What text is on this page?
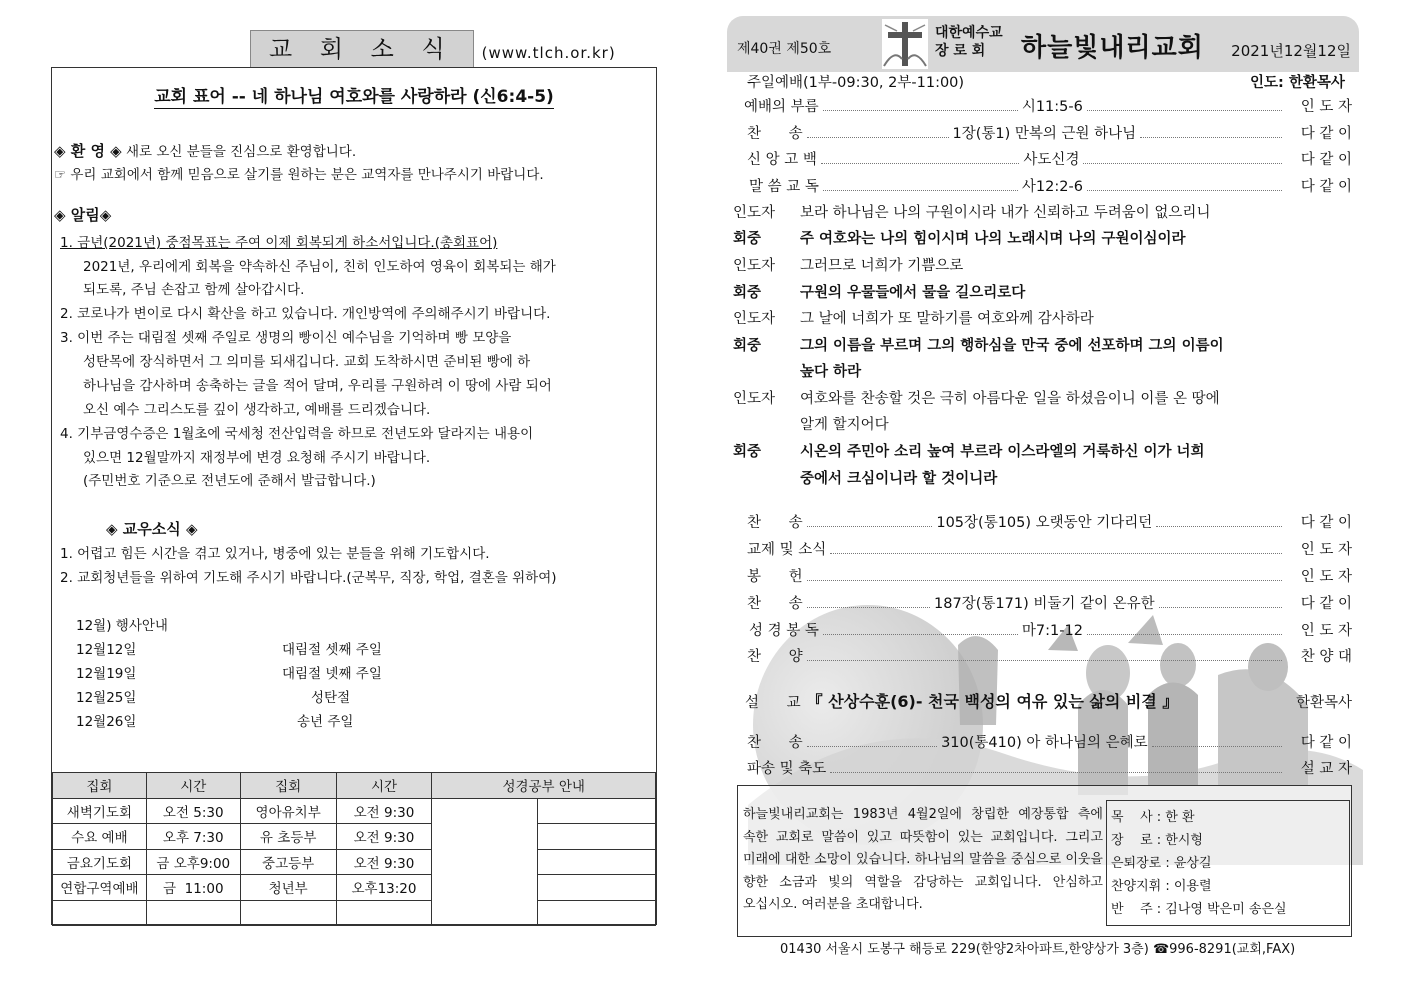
교 회 소 식	(www.tlch.or.kr)
교회 표어 -- 네 하나님 여호와를 사랑하라 (신6:4-5)
◈ 환 영 ◈ 새로 오신 분들을 진심으로 환영합니다.
☞ 우리 교회에서 함께 믿음으로 살기를 원하는 분은 교역자를 만나주시기 바랍니다.
◈ 알림◈
1. 금년(2021년) 중점목표는 주여 이제 회복되게 하소서입니다.(총회표어)
2021년, 우리에게 회복을 약속하신 주님이, 친히 인도하여 영육이 회복되는 해가
되도록, 주님 손잡고 함께 살아갑시다.
2. 코로나가 변이로 다시 확산을 하고 있습니다. 개인방역에 주의해주시기 바랍니다.
3. 이번 주는 대림절 셋째 주일로 생명의 빵이신 예수님을 기억하며 빵 모양을
성탄목에 장식하면서 그 의미를 되새깁니다. 교회 도착하시면 준비된 빵에 하
하나님을 감사하며 송축하는 글을 적어 달며, 우리를 구원하려 이 땅에 사람 되어
오신 예수 그리스도를 깊이 생각하고, 예배를 드리겠습니다.
4. 기부금영수증은 1월초에 국세청 전산입력을 하므로 전년도와 달라지는 내용이
있으면 12월말까지 재정부에 변경 요청해 주시기 바랍니다.
(주민번호 기준으로 전년도에 준해서 발급합니다.)
◈ 교우소식 ◈
1. 어렵고 힘든 시간을 겪고 있거나, 병중에 있는 분들을 위해 기도합시다.
2. 교회청년들을 위하여 기도해 주시기 바랍니다.(군복무, 직장, 학업, 결혼을 위하여)
12월) 행사안내
12월12일	대림절 셋째 주일
12월19일	대림절 넷째 주일
12월25일	성탄절
12월26일	송년 주일
집회	시간	집회	시간	성경공부 안내	
새벽기도회	오전 5:30	영아유치부	오전 9:30		
수요 예배	오후 7:30	유 초등부	오전 9:30		
금요기도회	금 오후9:00	중고등부	오전 9:30		
연합구역예배	금  11:00	청년부	오후13:20		

제40권 제50호
대한예수교
장 로 회	하늘빛내리교회 2021년12월12일
주일예배(1부-09:30, 2부-11:00)	인도: 한환목사
예배의 부름	시11:5-6	인 도 자
찬      송	1장(통1) 만복의 근원 하나님	다 같 이
신 앙 고 백	사도신경	다 같 이
말 씀 교 독	사12:2-6	다 같 이
인도자 보라 하나님은 나의 구원이시라 내가 신뢰하고 두려움이 없으리니
회중	주 여호와는 나의 힘이시며 나의 노래시며 나의 구원이심이라
인도자 그러므로 너희가 기쁨으로
회중	구원의 우물들에서 물을 길으리로다
인도자 그 날에 너희가 또 말하기를 여호와께 감사하라
회중	그의 이름을 부르며 그의 행하심을 만국 중에 선포하며 그의 이름이
높다 하라
인도자 여호와를 찬송할 것은 극히 아름다운 일을 하셨음이니 이를 온 땅에
알게 할지어다
회중	시온의 주민아 소리 높여 부르라 이스라엘의 거룩하신 이가 너희
중에서 크심이니라 할 것이니라
찬      송	105장(통105) 오랫동안 기다리던	다 같 이
교제 및 소식	인 도 자
봉      헌	인 도 자
찬      송	187장(통171) 비둘기 같이 온유한	다 같 이
성 경 봉 독	마7:1-12	인 도 자
찬      양	찬 양 대
설      교 『 산상수훈(6)- 천국 백성의 여유 있는 삶의 비결 』	한환목사
찬      송	310(통410) 아 하나님의 은혜로	다 같 이
파송 및 축도	설 교 자
하늘빛내리교회는 1983년 4월2일에 창립한 예장통합 측에 속한 교회로 말씀이 있고 따뜻함이 있는 교회입니다. 그리고 미래에 대한 소망이 있습니다. 하나님의 말씀을 중심으로 이웃을 향한 소금과 빛의 역할을 감당하는 교회입니다. 안심하고 오십시오. 여러분을 초대합니다.
목    사 : 한 환
장    로 : 한시형
은퇴장로 : 윤상길
찬양지휘 : 이용렬
반    주 : 김나영 박은미 송은실
01430 서울시 도봉구 해등로 229(한양2차아파트,한양상가 3층) ☎996-8291(교회,FAX)
